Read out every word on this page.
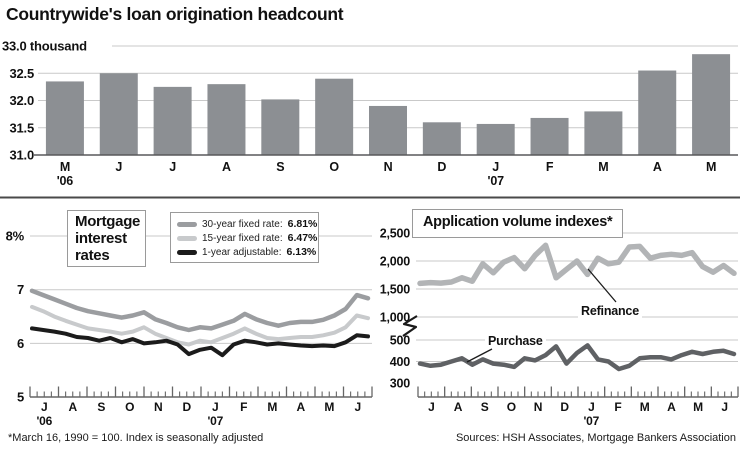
33.0 thousand
32.5
32.0
31.5
31.0
M	J	J	A	S	O	N	D	J	F	M	A	M
'06	'07
8%
7
6
5
J A S O N D J F M A M J
'06	'07
2,500
2,000
1,500
1,000
500
400
300
J A S O N D J F M A M J
'07
Countrywide's loan origination headcount
Mortgage interest rates
30-year fixed rate: 6.81%
15-year fixed rate: 6.47%
1-year adjustable: 6.13%
Application volume indexes*
Refinance
Purchase
*March 16, 1990 = 100. Index is seasonally adjusted	Sources: HSH Associates, Mortgage Bankers Association
